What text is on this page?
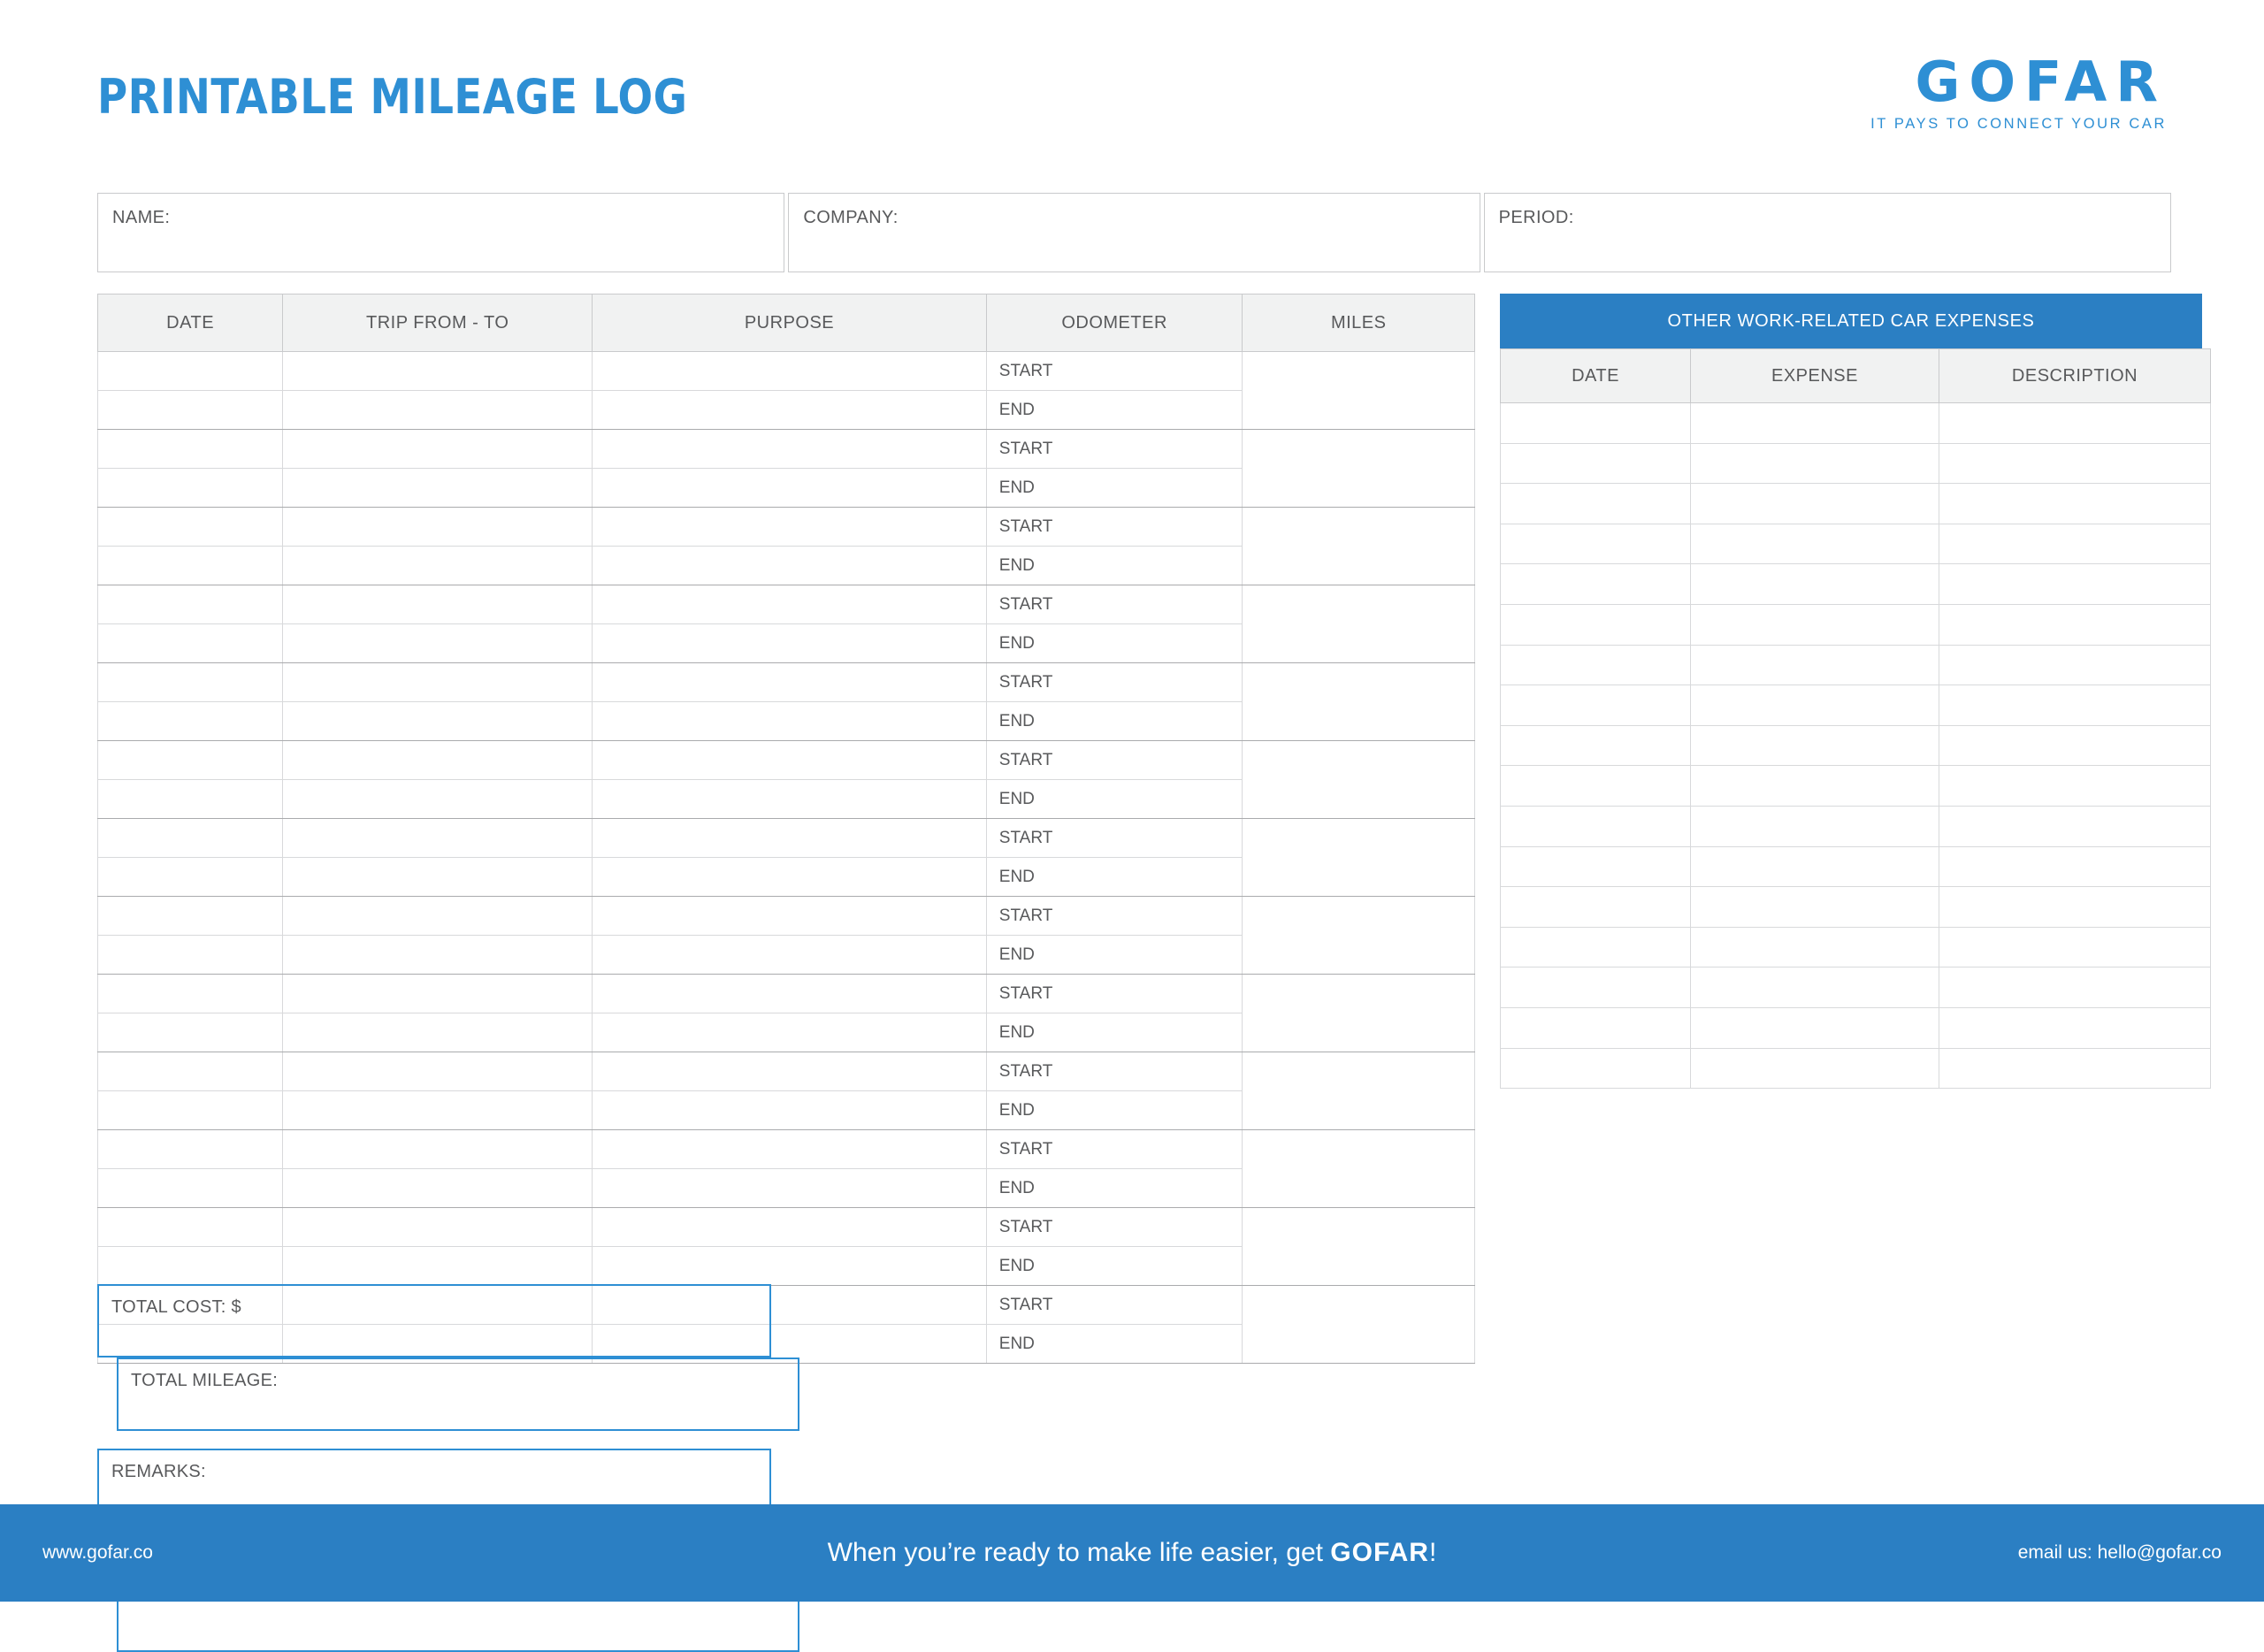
PRINTABLE MILEAGE LOG	GOFAR
IT PAYS TO CONNECT YOUR CAR
NAME:	COMPANY:	PERIOD:
DATE	TRIP FROM - TO	PURPOSE	ODOMETER	MILES
			START	
			END	
			START	
			END	
			START	
			END	
			START	
			END	
			START	
			END	
			START	
			END	
			START	
			END	
			START	
			END	
			START	
			END	
			START	
			END	
			START	
			END	
			START	
			END	
			START	
			END	
TOTAL COST: $

TOTAL MILEAGE:

REMARKS:

OTHER WORK-RELATED CAR EXPENSES
DATE	EXPENSE	DESCRIPTION

www.gofar.co	When you’re ready to make life easier, get GOFAR!	email us: hello@gofar.co
